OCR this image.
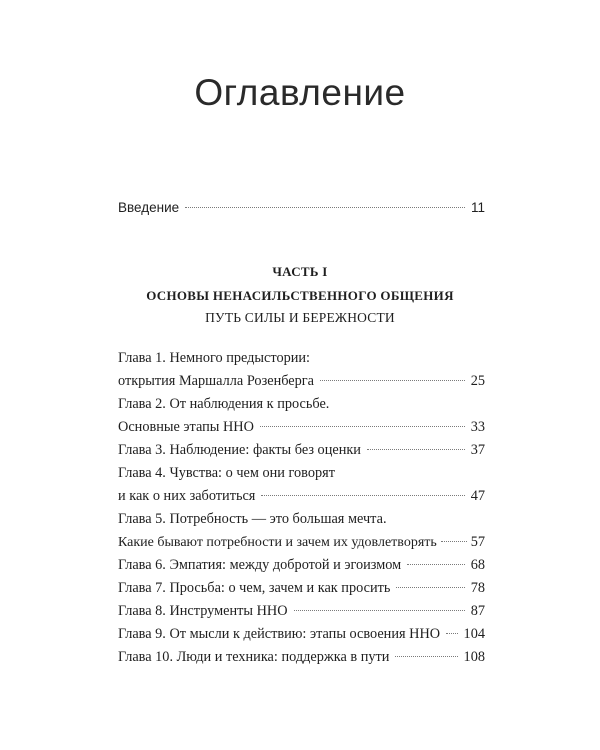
Оглавление
Введение	11
ЧАСТЬ I
ОСНОВЫ НЕНАСИЛЬСТВЕННОГО ОБЩЕНИЯ
ПУТЬ СИЛЫ И БЕРЕЖНОСТИ
Глава 1. Немного предыстории:
открытия Маршалла Розенберга	25
Глава 2. От наблюдения к просьбе.
Основные этапы ННО	33
Глава 3. Наблюдение: факты без оценки	37
Глава 4. Чувства: о чем они говорят
и как о них заботиться	47
Глава 5. Потребность — это большая мечта.
Какие бывают потребности и зачем их удовлетворять 57
Глава 6. Эмпатия: между добротой и эгоизмом	68
Глава 7. Просьба: о чем, зачем и как просить	78
Глава 8. Инструменты ННО	87
Глава 9. От мысли к действию: этапы освоения ННО 104
Глава 10. Люди и техника: поддержка в пути	108
